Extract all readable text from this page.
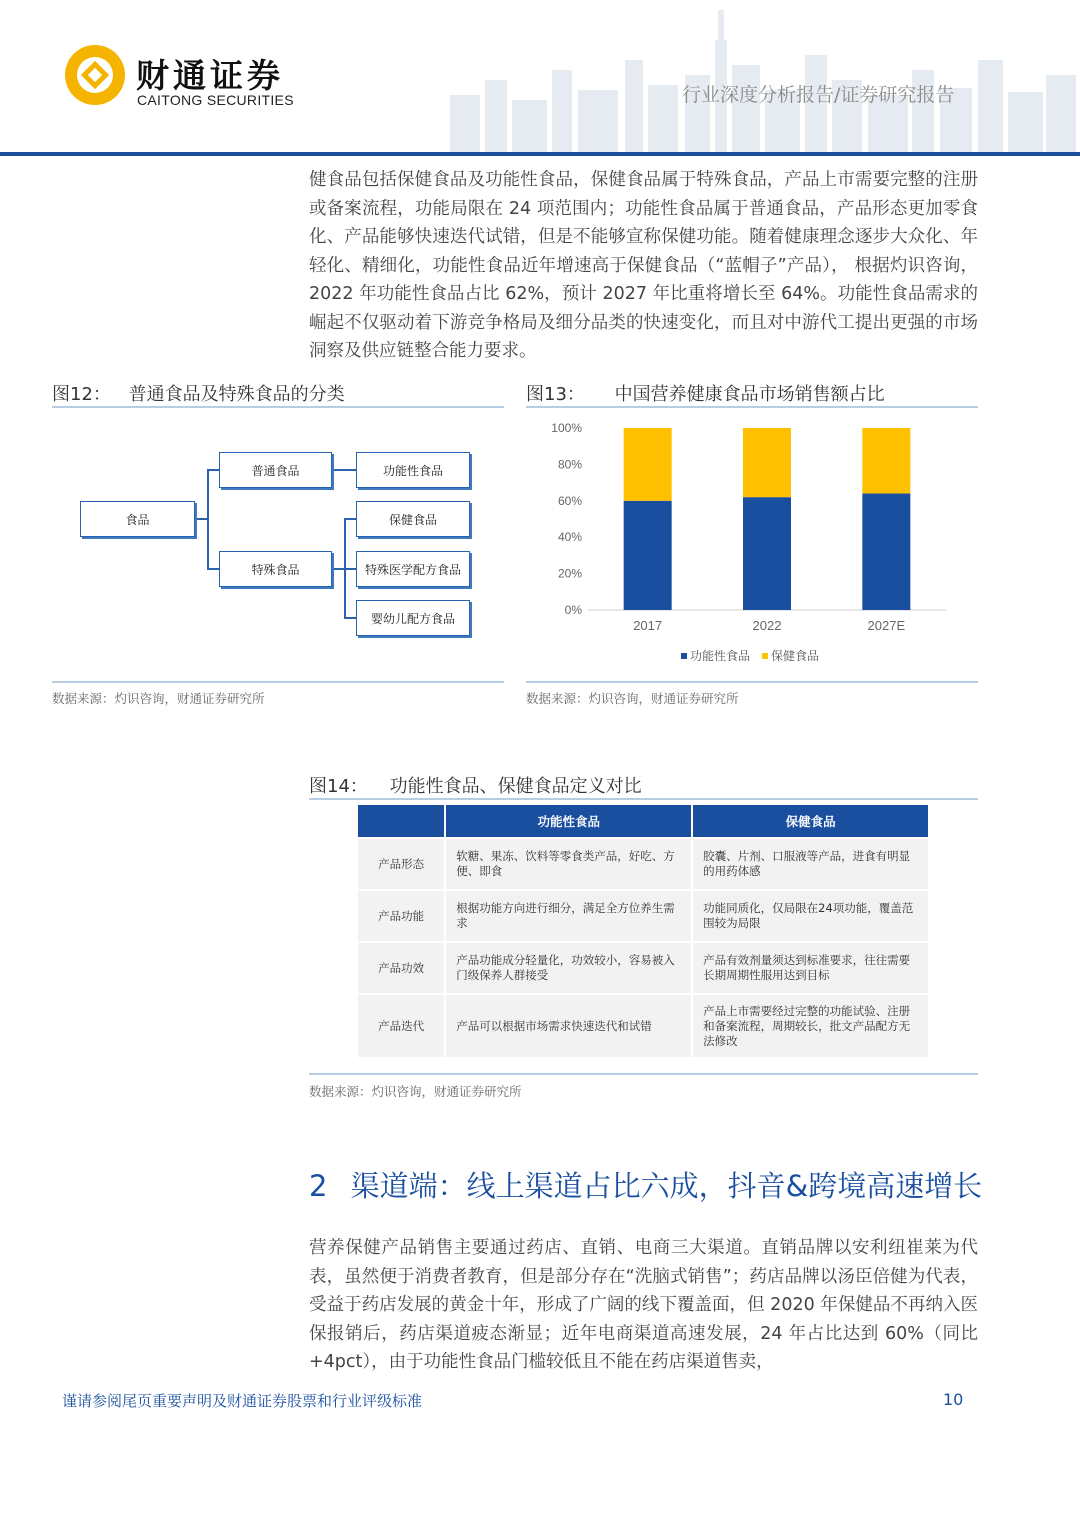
财通证券
CAITONG SECURITIES	行业深度分析报告/证券研究报告
健食品包括保健食品及功能性食品，保健食品属于特殊食品，产品上市需要完整的注册或备案流程，功能局限在 24 项范围内；功能性食品属于普通食品，产品形态更加零食化、产品能够快速迭代试错，但是不能够宣称保健功能。随着健康理念逐步大众化、年轻化、精细化，功能性食品近年增速高于保健食品（“蓝帽子”产品）， 根据灼识咨询，2022 年功能性食品占比 62%，预计 2027 年比重将增长至 64%。功能性食品需求的崛起不仅驱动着下游竞争格局及细分品类的快速变化，而且对中游代工提出更强的市场洞察及供应链整合能力要求。
图12： 普通食品及特殊食品的分类
食品
普通食品
特殊食品
功能性食品
保健食品
特殊医学配方食品
婴幼儿配方食品
数据来源：灼识咨询，财通证券研究所
图13： 中国营养健康食品市场销售额占比
0%
20%
40%
60%
80%
100%
2017	2022	2027E
功能性食品 保健食品
数据来源：灼识咨询，财通证券研究所
图14： 功能性食品、保健食品定义对比
	功能性食品	保健食品
产品形态	软糖、果冻、饮料等零食类产品，好吃、方便、即食	胶囊、片剂、口服液等产品，进食有明显的用药体感
产品功能	根据功能方向进行细分，满足全方位养生需求	功能同质化，仅局限在24项功能，覆盖范围较为局限
产品功效	产品功能成分轻量化，功效较小，容易被入门级保养人群接受	产品有效剂量须达到标准要求，往往需要长期周期性服用达到目标
产品迭代	产品可以根据市场需求快速迭代和试错	产品上市需要经过完整的功能试验、注册和备案流程，周期较长，批文产品配方无法修改
数据来源：灼识咨询，财通证券研究所
2 渠道端：线上渠道占比六成，抖音&跨境高速增长
营养保健产品销售主要通过药店、直销、电商三大渠道。直销品牌以安利纽崔莱为代表，虽然便于消费者教育，但是部分存在“洗脑式销售”；药店品牌以汤臣倍健为代表，受益于药店发展的黄金十年，形成了广阔的线下覆盖面，但 2020 年保健品不再纳入医保报销后，药店渠道疲态渐显；近年电商渠道高速发展，24 年占比达到 60%（同比+4pct），由于功能性食品门槛较低且不能在药店渠道售卖，
谨请参阅尾页重要声明及财通证券股票和行业评级标准	10
